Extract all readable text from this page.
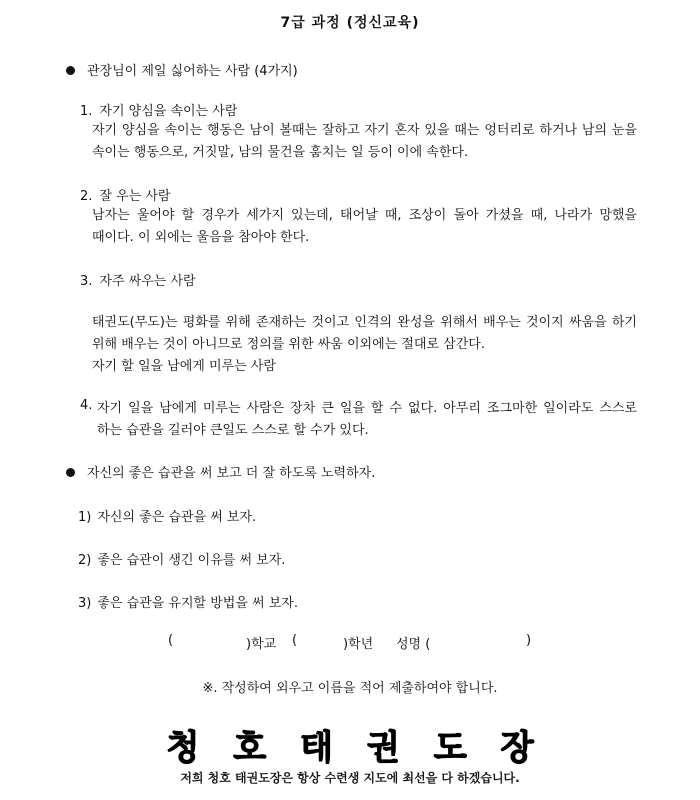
7급 과정 (정신교육)
관장님이 제일 싫어하는 사람 (4가지)
1. 자기 양심을 속이는 사람
자기 양심을 속이는 행동은 남이 볼때는 잘하고 자기 혼자 있을 때는 엉터리로 하거나 남의 눈을 속이는 행동으로, 거짓말, 남의 물건을 훔치는 일 등이 이에 속한다.
2. 잘 우는 사람
남자는 울어야 할 경우가 세가지 있는데, 태어날 때, 조상이 돌아 가셨을 때, 나라가 망했을 때이다. 이 외에는 울음을 참아야 한다.
3. 자주 싸우는 사람
태권도(무도)는 평화를 위해 존재하는 것이고 인격의 완성을 위해서 배우는 것이지 싸움을 하기 위해 배우는 것이 아니므로 정의를 위한 싸움 이외에는 절대로 삼간다.
자기 할 일을 남에게 미루는 사람
4. 자기 일을 남에게 미루는 사람은 장차 큰 일을 할 수 없다. 아무리 조그마한 일이라도 스스로 하는 습관을 길러야 큰일도 스스로 할 수가 있다.
자신의 좋은 습관을 써 보고 더 잘 하도록 노력하자.
1) 자신의 좋은 습관을 써 보자.
2) 좋은 습관이 생긴 이유를 써 보자.
3) 좋은 습관을 유지할 방법을 써 보자.
(	)학교 (	)학년 성명 (	)
※. 작성하여 외우고 이름을 적어 제출하여야 합니다.
청호태권도장
저희 청호 태권도장은 항상 수련생 지도에 최선을 다 하겠습니다.
